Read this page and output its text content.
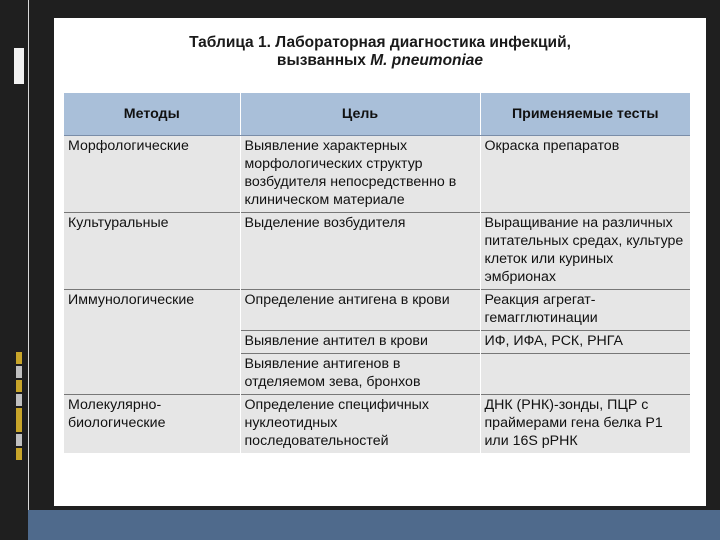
Таблица 1. Лабораторная диагностика инфекций,
вызванных M. pneumoniae
Методы	Цель	Применяемые тесты
Морфологические	Выявление характерных морфологических структур возбудителя непосредственно в клиническом материале	Окраска препаратов
Культуральные	Выделение возбудителя	Выращивание на различных питательных средах, культуре клеток или куриных эмбрионах
Иммунологические	Определение антигена в крови	Реакция агрегат-гемагглютинации
	Выявление антител в крови	ИФ, ИФА, РСК, РНГА
	Выявление антигенов в отделяемом зева, бронхов	
Молекулярно-биологические	Определение специфичных нуклеотидных последовательностей	ДНК (РНК)-зонды, ПЦР с праймерами гена белка P1 или 16S рРНК
